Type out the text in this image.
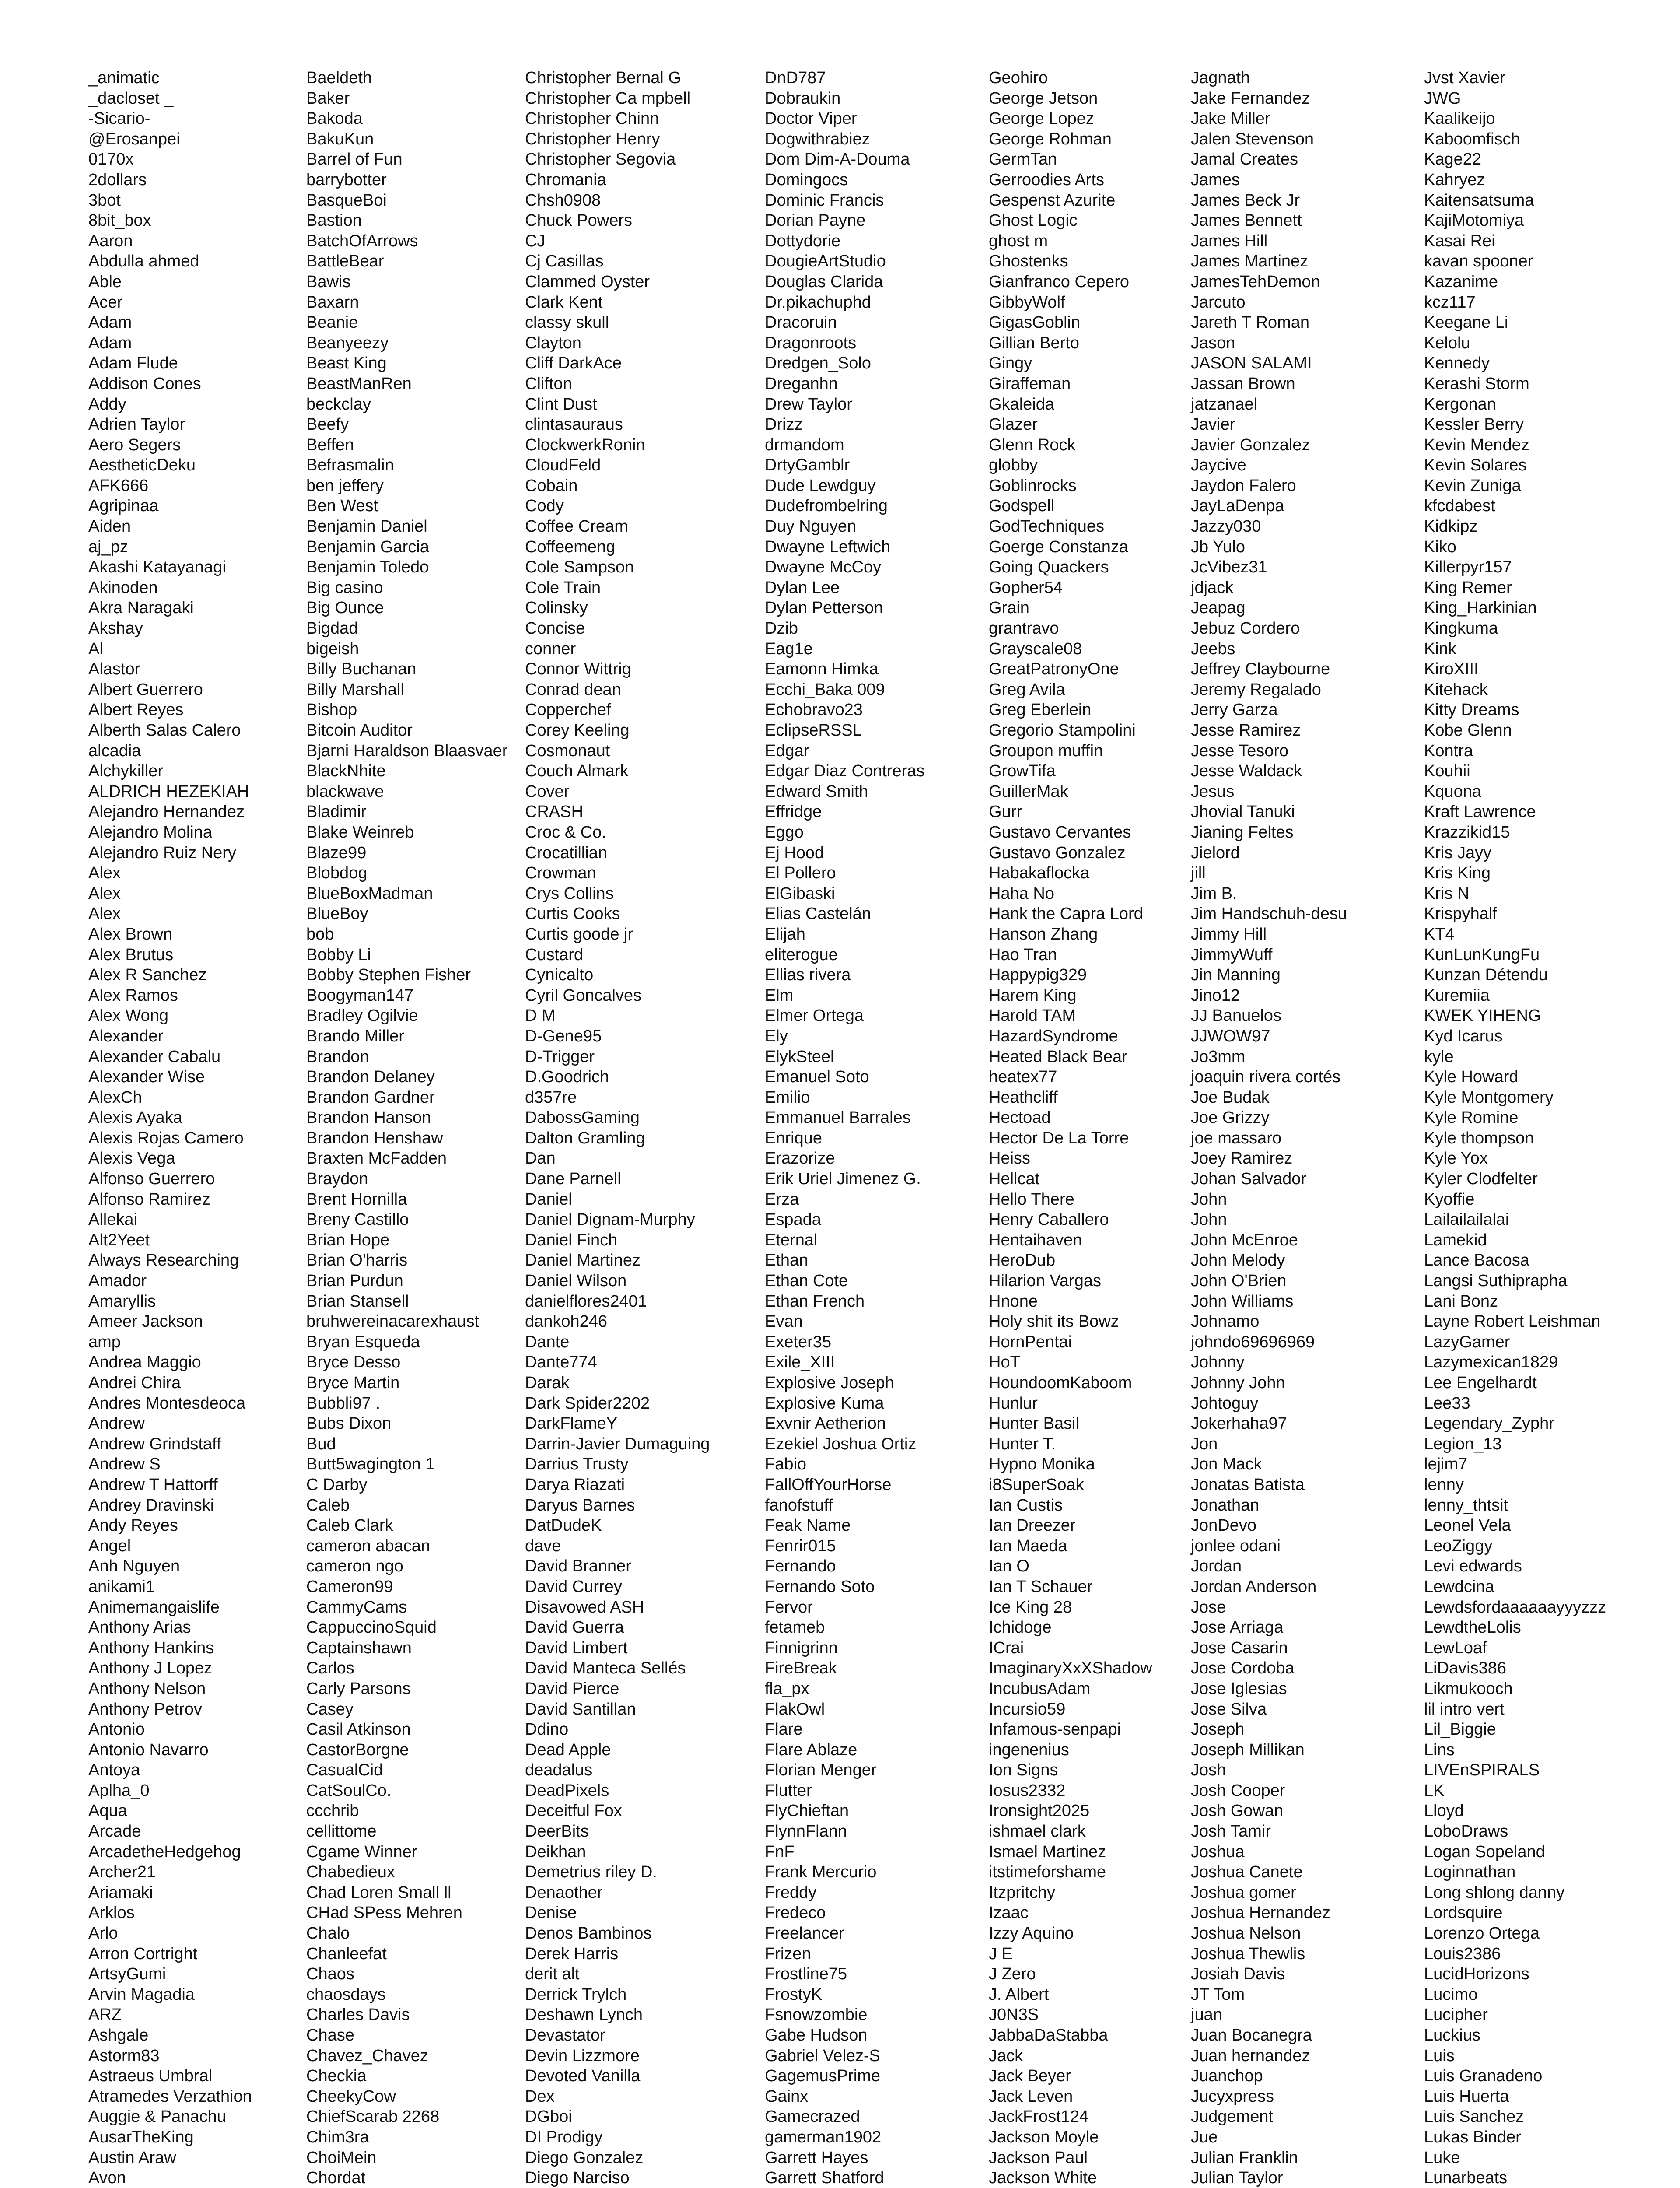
_animatic
_dacloset _
-Sicario-
@Erosanpei
0170x
2dollars
3bot
8bit_box
Aaron
Abdulla ahmed
Able
Acer
Adam
Adam
Adam Flude
Addison Cones
Addy
Adrien Taylor
Aero Segers
AestheticDeku
AFK666
Agripinaa
Aiden
aj_pz
Akashi Katayanagi
Akinoden
Akra Naragaki
Akshay
Al
Alastor
Albert Guerrero
Albert Reyes
Alberth Salas Calero
alcadia
Alchykiller
ALDRICH HEZEKIAH
Alejandro Hernandez
Alejandro Molina
Alejandro Ruiz Nery
Alex
Alex
Alex
Alex Brown
Alex Brutus
Alex R Sanchez
Alex Ramos
Alex Wong
Alexander
Alexander Cabalu
Alexander Wise
AlexCh
Alexis Ayaka
Alexis Rojas Camero
Alexis Vega
Alfonso Guerrero
Alfonso Ramirez
Allekai
Alt2Yeet
Always Researching
Amador
Amaryllis
Ameer Jackson
amp
Andrea Maggio
Andrei Chira
Andres Montesdeoca
Andrew
Andrew Grindstaff
Andrew S
Andrew T Hattorff
Andrey Dravinski
Andy Reyes
Angel
Anh Nguyen
anikami1
Animemangaislife
Anthony Arias
Anthony Hankins
Anthony J Lopez
Anthony Nelson
Anthony Petrov
Antonio
Antonio Navarro
Antoya
Aplha_0
Aqua
Arcade
ArcadetheHedgehog
Archer21
Ariamaki
Arklos
Arlo
Arron Cortright
ArtsyGumi
Arvin Magadia
ARZ
Ashgale
Astorm83
Astraeus Umbral
Atramedes Verzathion
Auggie & Panachu
AusarTheKing
Austin Araw
Avon
Baeldeth
Baker
Bakoda
BakuKun
Barrel of Fun
barrybotter
BasqueBoi
Bastion
BatchOfArrows
BattleBear
Bawis
Baxarn
Beanie
Beanyeezy
Beast King
BeastManRen
beckclay
Beefy
Beffen
Befrasmalin
ben jeffery
Ben West
Benjamin Daniel
Benjamin Garcia
Benjamin Toledo
Big casino
Big Ounce
Bigdad
bigeish
Billy Buchanan
Billy Marshall
Bishop
Bitcoin Auditor
Bjarni Haraldson Blaasvaer
BlackNhite
blackwave
Bladimir
Blake Weinreb
Blaze99
Blobdog
BlueBoxMadman
BlueBoy
bob
Bobby Li
Bobby Stephen Fisher
Boogyman147
Bradley Ogilvie
Brando Miller
Brandon
Brandon Delaney
Brandon Gardner
Brandon Hanson
Brandon Henshaw
Braxten McFadden
Braydon
Brent Hornilla
Breny Castillo
Brian Hope
Brian O'harris
Brian Purdun
Brian Stansell
bruhwereinacarexhaust
Bryan Esqueda
Bryce Desso
Bryce Martin
Bubbli97 .
Bubs Dixon
Bud
Butt5wagington 1
C Darby
Caleb
Caleb Clark
cameron abacan
cameron ngo
Cameron99
CammyCams
CappuccinoSquid
Captainshawn
Carlos
Carly Parsons
Casey
Casil Atkinson
CastorBorgne
CasualCid
CatSoulCo.
ccchrib
cellittome
Cgame Winner
Chabedieux
Chad Loren Small ll
CHad SPess Mehren
Chalo
Chanleefat
Chaos
chaosdays
Charles Davis
Chase
Chavez_Chavez
Checkia
CheekyCow
ChiefScarab 2268
Chim3ra
ChoiMein
Chordat
Christopher Bernal G
Christopher Ca mpbell
Christopher Chinn
Christopher Henry
Christopher Segovia
Chromania
Chsh0908
Chuck Powers
CJ
Cj Casillas
Clammed Oyster
Clark Kent
classy skull
Clayton
Cliff DarkAce
Clifton
Clint Dust
clintasauraus
ClockwerkRonin
CloudFeld
Cobain
Cody
Coffee Cream
Coffeemeng
Cole Sampson
Cole Train
Colinsky
Concise
conner
Connor Wittrig
Conrad dean
Copperchef
Corey Keeling
Cosmonaut
Couch Almark
Cover
CRASH
Croc & Co.
Crocatillian
Crowman
Crys Collins
Curtis Cooks
Curtis goode jr
Custard
Cynicalto
Cyril Goncalves
D M
D-Gene95
D-Trigger
D.Goodrich
d357re
DabossGaming
Dalton Gramling
Dan
Dane Parnell
Daniel
Daniel Dignam-Murphy
Daniel Finch
Daniel Martinez
Daniel Wilson
danielflores2401
dankoh246
Dante
Dante774
Darak
Dark Spider2202
DarkFlameY
Darrin-Javier Dumaguing
Darrius Trusty
Darya Riazati
Daryus Barnes
DatDudeK
dave
David Branner
David Currey
Disavowed ASH
David Guerra
David Limbert
David Manteca Sellés
David Pierce
David Santillan
Ddino
Dead Apple
deadalus
DeadPixels
Deceitful Fox
DeerBits
Deikhan
Demetrius riley D.
Denaother
Denise
Denos Bambinos
Derek Harris
derit alt
Derrick Trylch
Deshawn Lynch
Devastator
Devin Lizzmore
Devoted Vanilla
Dex
DGboi
DI Prodigy
Diego Gonzalez
Diego Narciso
DnD787
Dobraukin
Doctor Viper
Dogwithrabiez
Dom Dim-A-Douma
Domingocs
Dominic Francis
Dorian Payne
Dottydorie
DougieArtStudio
Douglas Clarida
Dr.pikachuphd
Dracoruin
Dragonroots
Dredgen_Solo
Dreganhn
Drew Taylor
Drizz
drmandom
DrtyGamblr
Dude Lewdguy
Dudefrombelring
Duy Nguyen
Dwayne Leftwich
Dwayne McCoy
Dylan Lee
Dylan Petterson
Dzib
Eag1e
Eamonn Himka
Ecchi_Baka 009
Echobravo23
EclipseRSSL
Edgar
Edgar Diaz Contreras
Edward Smith
Effridge
Eggo
Ej Hood
El Pollero
ElGibaski
Elias Castelán
Elijah
eliterogue
Ellias rivera
Elm
Elmer Ortega
Ely
ElykSteel
Emanuel Soto
Emilio
Emmanuel Barrales
Enrique
Erazorize
Erik Uriel Jimenez G.
Erza
Espada
Eternal
Ethan
Ethan Cote
Ethan French
Evan
Exeter35
Exile_XIII
Explosive Joseph
Explosive Kuma
Exvnir Aetherion
Ezekiel Joshua Ortiz
Fabio
FallOffYourHorse
fanofstuff
Feak Name
Fenrir015
Fernando
Fernando Soto
Fervor
fetameb
Finnigrinn
FireBreak
fla_px
FlakOwl
Flare
Flare Ablaze
Florian Menger
Flutter
FlyChieftan
FlynnFlann
FnF
Frank Mercurio
Freddy
Fredeco
Freelancer
Frizen
Frostline75
FrostyK
Fsnowzombie
Gabe Hudson
Gabriel Velez-S
GagemusPrime
Gainx
Gamecrazed
gamerman1902
Garrett Hayes
Garrett Shatford
Geohiro
George Jetson
George Lopez
George Rohman
GermTan
Gerroodies Arts
Gespenst Azurite
Ghost Logic
ghost m
Ghostenks
Gianfranco Cepero
GibbyWolf
GigasGoblin
Gillian Berto
Gingy
Giraffeman
Gkaleida
Glazer
Glenn Rock
globby
Goblinrocks
Godspell
GodTechniques
Goerge Constanza
Going Quackers
Gopher54
Grain
grantravo
Grayscale08
GreatPatronyOne
Greg Avila
Greg Eberlein
Gregorio Stampolini
Groupon muffin
GrowTifa
GuillerMak
Gurr
Gustavo Cervantes
Gustavo Gonzalez
Habakaflocka
Haha No
Hank the Capra Lord
Hanson Zhang
Hao Tran
Happypig329
Harem King
Harold TAM
HazardSyndrome
Heated Black Bear
heatex77
Heathcliff
Hectoad
Hector De La Torre
Heiss
Hellcat
Hello There
Henry Caballero
Hentaihaven
HeroDub
Hilarion Vargas
Hnone
Holy shit its Bowz
HornPentai
HoT
HoundoomKaboom
Hunlur
Hunter Basil
Hunter T.
Hypno Monika
i8SuperSoak
Ian Custis
Ian Dreezer
Ian Maeda
Ian O
Ian T Schauer
Ice King 28
Ichidoge
ICrai
ImaginaryXxXShadow
IncubusAdam
Incursio59
Infamous-senpapi
ingenenius
Ion Signs
Iosus2332
Ironsight2025
ishmael clark
Ismael Martinez
itstimeforshame
Itzpritchy
Izaac
Izzy Aquino
J E
J Zero
J. Albert
J0N3S
JabbaDaStabba
Jack
Jack Beyer
Jack Leven
JackFrost124
Jackson Moyle
Jackson Paul
Jackson White
Jagnath
Jake Fernandez
Jake Miller
Jalen Stevenson
Jamal Creates
James
James Beck Jr
James Bennett
James Hill
James Martinez
JamesTehDemon
Jarcuto
Jareth T Roman
Jason
JASON SALAMI
Jassan Brown
jatzanael
Javier
Javier Gonzalez
Jaycive
Jaydon Falero
JayLaDenpa
Jazzy030
Jb Yulo
JcVibez31
jdjack
Jeapag
Jebuz Cordero
Jeebs
Jeffrey Claybourne
Jeremy Regalado
Jerry Garza
Jesse Ramirez
Jesse Tesoro
Jesse Waldack
Jesus
Jhovial Tanuki
Jianing Feltes
Jielord
jill
Jim B.
Jim Handschuh-desu
Jimmy Hill
JimmyWuff
Jin Manning
Jino12
JJ Banuelos
JJWOW97
Jo3mm
joaquin rivera cortés
Joe Budak
Joe Grizzy
joe massaro
Joey Ramirez
Johan Salvador
John
John
John McEnroe
John Melody
John O'Brien
John Williams
Johnamo
johndo69696969
Johnny
Johnny John
Johtoguy
Jokerhaha97
Jon
Jon Mack
Jonatas Batista
Jonathan
JonDevo
jonlee odani
Jordan
Jordan Anderson
Jose
Jose Arriaga
Jose Casarin
Jose Cordoba
Jose Iglesias
Jose Silva
Joseph
Joseph Millikan
Josh
Josh Cooper
Josh Gowan
Josh Tamir
Joshua
Joshua Canete
Joshua gomer
Joshua Hernandez
Joshua Nelson
Joshua Thewlis
Josiah Davis
JT Tom
juan
Juan Bocanegra
Juan hernandez
Juanchop
Jucyxpress
Judgement
Jue
Julian Franklin
Julian Taylor
Jvst Xavier
JWG
Kaalikeijo
Kaboomfisch
Kage22
Kahryez
Kaitensatsuma
KajiMotomiya
Kasai Rei
kavan spooner
Kazanime
kcz117
Keegane Li
Kelolu
Kennedy
Kerashi Storm
Kergonan
Kessler Berry
Kevin Mendez
Kevin Solares
Kevin Zuniga
kfcdabest
Kidkipz
Kiko
Killerpyr157
King Remer
King_Harkinian
Kingkuma
Kink
KiroXIII
Kitehack
Kitty Dreams
Kobe Glenn
Kontra
Kouhii
Kquona
Kraft Lawrence
Krazzikid15
Kris Jayy
Kris King
Kris N
Krispyhalf
KT4
KunLunKungFu
Kunzan Détendu
Kuremiia
KWEK YIHENG
Kyd Icarus
kyle
Kyle Howard
Kyle Montgomery
Kyle Romine
Kyle thompson
Kyle Yox
Kyler Clodfelter
Kyoffie
Lailailailalai
Lamekid
Lance Bacosa
Langsi Suthiprapha
Lani Bonz
Layne Robert Leishman
LazyGamer
Lazymexican1829
Lee Engelhardt
Lee33
Legendary_Zyphr
Legion_13
lejim7
lenny
lenny_thtsit
Leonel Vela
LeoZiggy
Levi edwards
Lewdcina
Lewdsfordaaaaaayyyzzz
LewdtheLolis
LewLoaf
LiDavis386
Likmukooch
lil intro vert
Lil_Biggie
Lins
LIVEnSPIRALS
LK
Lloyd
LoboDraws
Logan Sopeland
Loginnathan
Long shlong danny
Lordsquire
Lorenzo Ortega
Louis2386
LucidHorizons
Lucimo
Lucipher
Luckius
Luis
Luis Granadeno
Luis Huerta
Luis Sanchez
Lukas Binder
Luke
Lunarbeats
